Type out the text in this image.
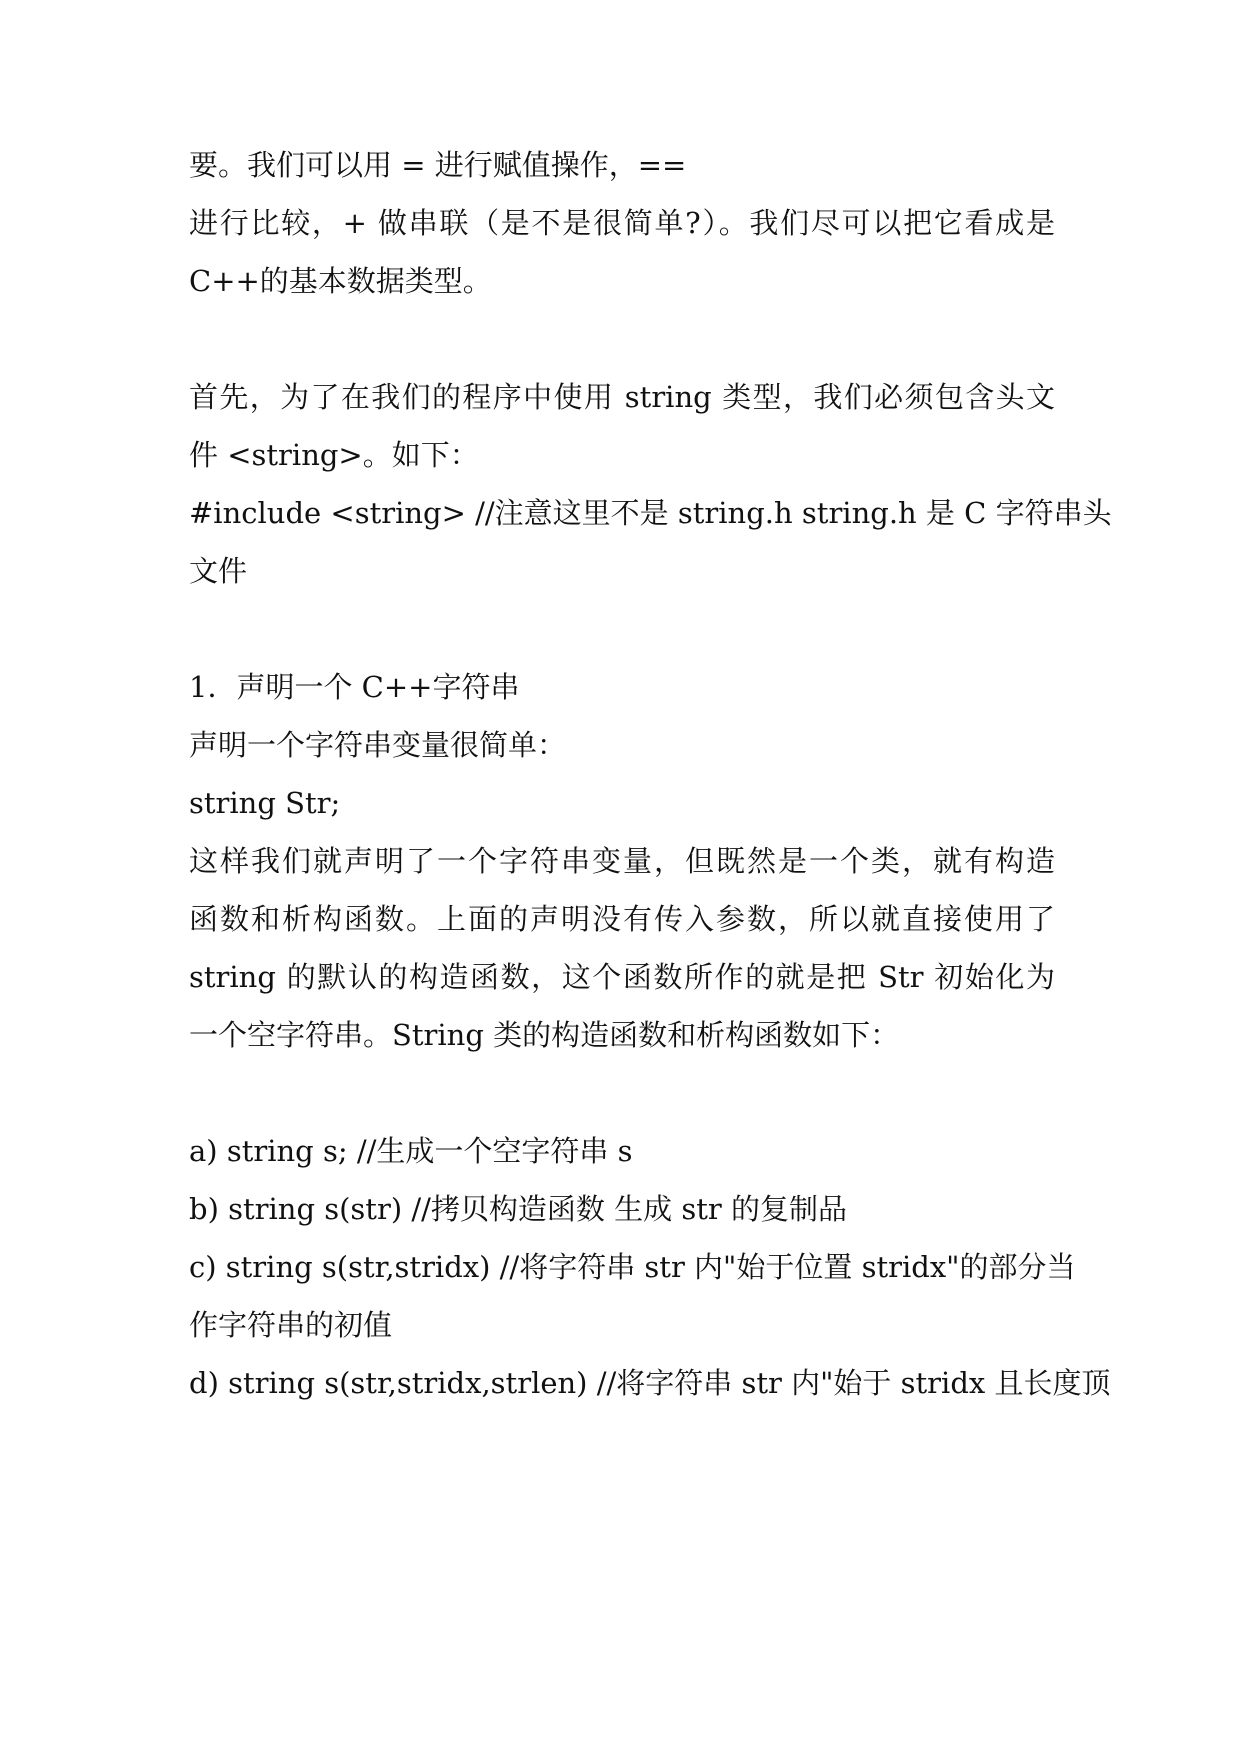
要。我们可以用 = 进行赋值操作，==
进行比较，+ 做串联（是不是很简单?）。我们尽可以把它看成是
C++的基本数据类型。
首先，为了在我们的程序中使用 string 类型，我们必须包含头文
件 <string>。如下：
#include <string> //注意这里不是 string.h string.h 是 C 字符串头
文件
1．声明一个 C++字符串
声明一个字符串变量很简单：
string Str;
这样我们就声明了一个字符串变量，但既然是一个类，就有构造
函数和析构函数。上面的声明没有传入参数，所以就直接使用了
string 的默认的构造函数，这个函数所作的就是把 Str 初始化为
一个空字符串。String 类的构造函数和析构函数如下：
a) string s; //生成一个空字符串 s
b) string s(str) //拷贝构造函数 生成 str 的复制品
c) string s(str,stridx) //将字符串 str 内"始于位置 stridx"的部分当
作字符串的初值
d) string s(str,stridx,strlen) //将字符串 str 内"始于 stridx 且长度顶
